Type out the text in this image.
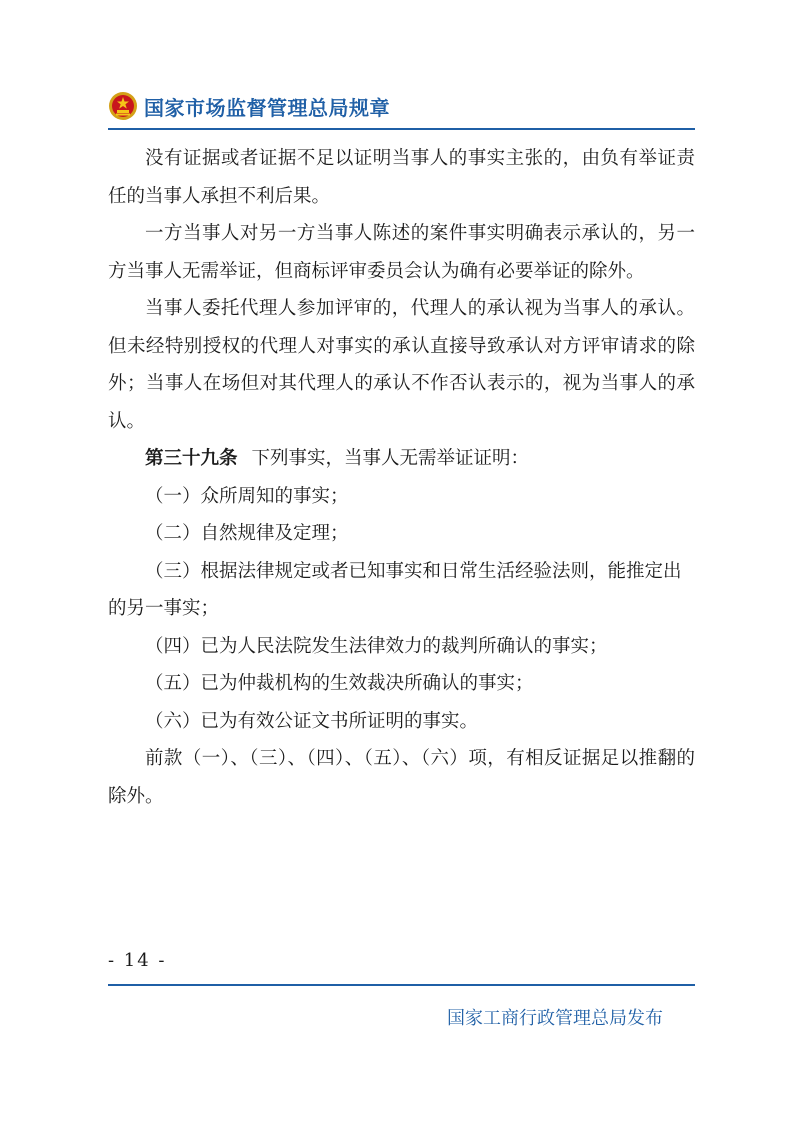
国家市场监督管理总局规章

没有证据或者证据不足以证明当事人的事实主张的，由负有举证责任的当事人承担不利后果。

一方当事人对另一方当事人陈述的案件事实明确表示承认的，另一方当事人无需举证，但商标评审委员会认为确有必要举证的除外。

当事人委托代理人参加评审的，代理人的承认视为当事人的承认。但未经特别授权的代理人对事实的承认直接导致承认对方评审请求的除外；当事人在场但对其代理人的承认不作否认表示的，视为当事人的承认。

第三十九条 下列事实，当事人无需举证证明：

（一）众所周知的事实；

（二）自然规律及定理；

（三）根据法律规定或者已知事实和日常生活经验法则，能推定出的另一事实；

（四）已为人民法院发生法律效力的裁判所确认的事实；

（五）已为仲裁机构的生效裁决所确认的事实；

（六）已为有效公证文书所证明的事实。

前款（一）、（三）、（四）、（五）、（六）项，有相反证据足以推翻的除外。

- 14 -
国家工商行政管理总局发布
